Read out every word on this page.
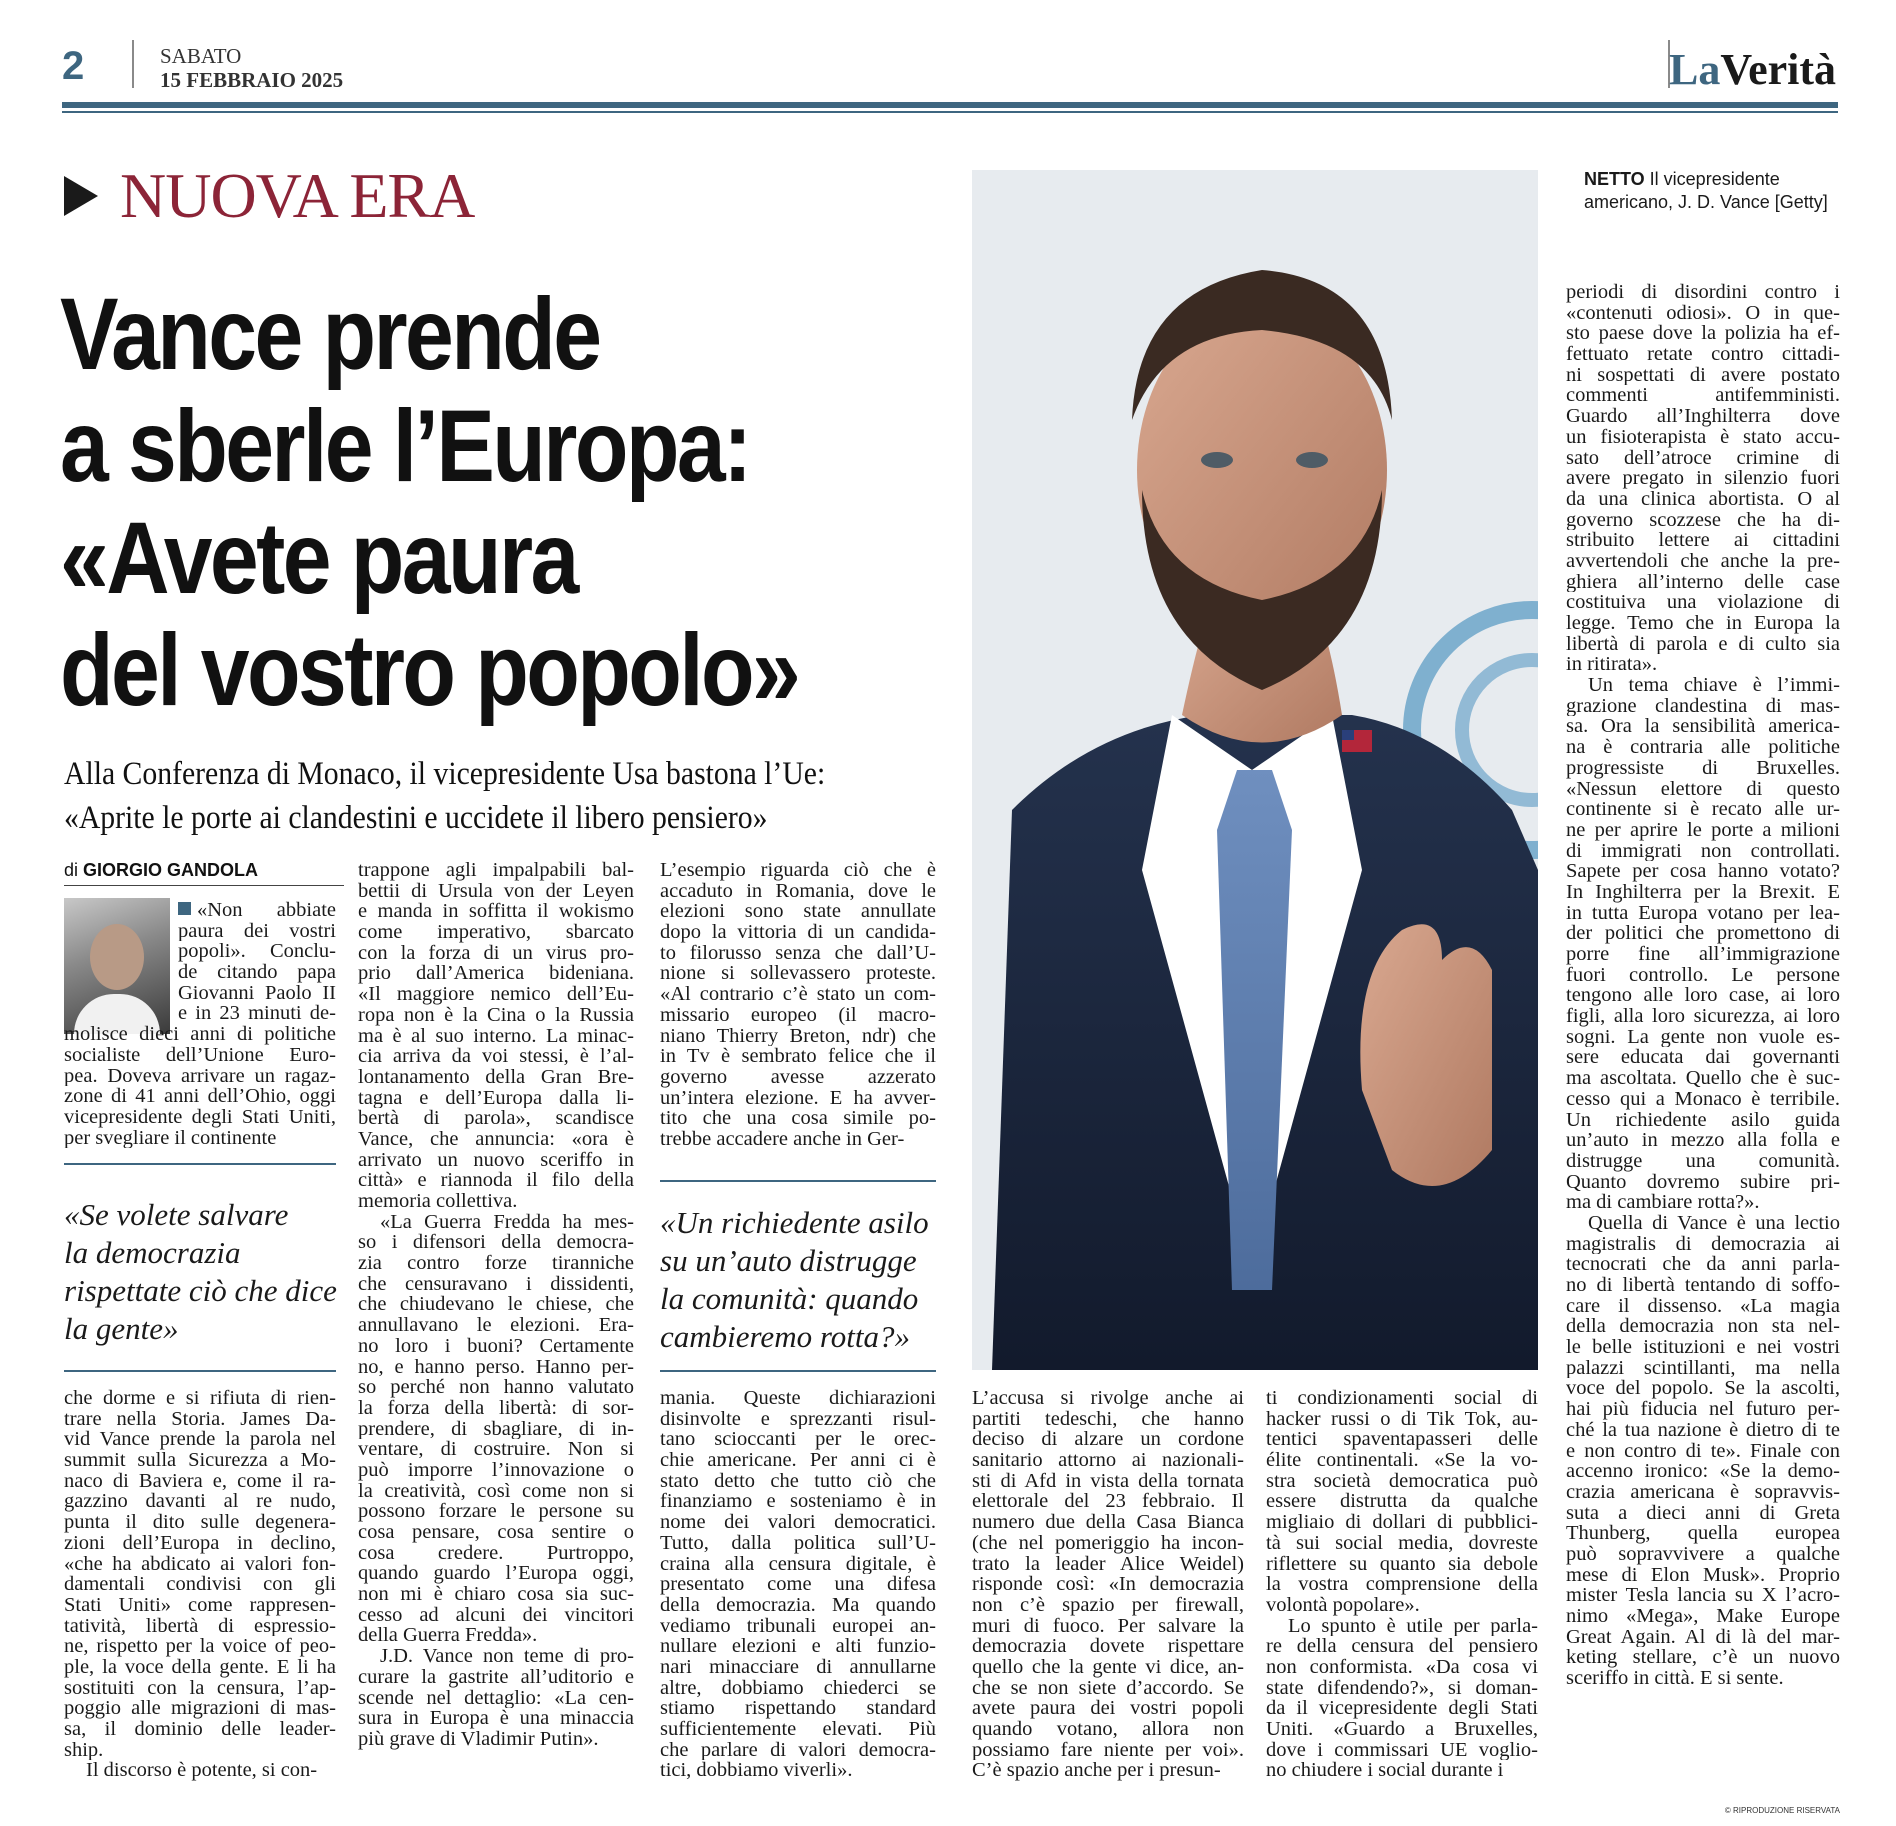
2	SABATO
15 FEBBRAIO 2025	LaVerità
NUOVA ERA
Vance prende
a sberle l’Europa:
«Avete paura
del vostro popolo»
Alla Conferenza di Monaco, il vicepresidente Usa bastona l’Ue:
«Aprite le porte ai clandestini e uccidete il libero pensiero»
di GIORGIO GANDOLA
«Non abbiate
paura dei vostri
popoli». Conclu-
de citando papa
Giovanni Paolo II
e in 23 minuti de-
«Se volete salvare
la democrazia
rispettate ciò che dice
la gente»
che dorme e si rifiuta di rien-
trare nella Storia. James Da-
vid Vance prende la parola nel
summit sulla Sicurezza a Mo-
naco di Baviera e, come il ra-
gazzino davanti al re nudo,
punta il dito sulle degenera-
zioni dell’Europa in declino,
«che ha abdicato ai valori fon-
damentali condivisi con gli
Stati Uniti» come rappresen-
tatività, libertà di espressio-
ne, rispetto per la voice of peo-
ple, la voce della gente. E li ha
sostituiti con la censura, l’ap-
poggio alle migrazioni di mas-
sa, il dominio delle leader-
ship.
Il discorso è potente, si con-
trappone agli impalpabili bal-
bettii di Ursula von der Leyen
e manda in soffitta il wokismo
come imperativo, sbarcato
con la forza di un virus pro-
prio dall’America bideniana.
«Il maggiore nemico dell’Eu-
ropa non è la Cina o la Russia
ma è al suo interno. La minac-
cia arriva da voi stessi, è l’al-
lontanamento della Gran Bre-
tagna e dell’Europa dalla li-
bertà di parola», scandisce
Vance, che annuncia: «ora è
arrivato un nuovo sceriffo in
città» e riannoda il filo della
memoria collettiva.
«La Guerra Fredda ha mes-
so i difensori della democra-
zia contro forze tiranniche
che censuravano i dissidenti,
che chiudevano le chiese, che
annullavano le elezioni. Era-
no loro i buoni? Certamente
no, e hanno perso. Hanno per-
so perché non hanno valutato
la forza della libertà: di sor-
prendere, di sbagliare, di in-
ventare, di costruire. Non si
può imporre l’innovazione o
la creatività, così come non si
possono forzare le persone su
cosa pensare, cosa sentire o
cosa credere. Purtroppo,
quando guardo l’Europa oggi,
non mi è chiaro cosa sia suc-
cesso ad alcuni dei vincitori
della Guerra Fredda».
J.D. Vance non teme di pro-
curare la gastrite all’uditorio e
scende nel dettaglio: «La cen-
sura in Europa è una minaccia
più grave di Vladimir Putin».
L’esempio riguarda ciò che è
accaduto in Romania, dove le
elezioni sono state annullate
dopo la vittoria di un candida-
to filorusso senza che dall’U-
nione si sollevassero proteste.
«Al contrario c’è stato un com-
missario europeo (il macro-
niano Thierry Breton, ndr) che
in Tv è sembrato felice che il
governo avesse azzerato
un’intera elezione. E ha avver-
tito che una cosa simile po-
trebbe accadere anche in Ger-
«Un richiedente asilo
su un’auto distrugge
la comunità: quando
cambieremo rotta?»
mania. Queste dichiarazioni
disinvolte e sprezzanti risul-
tano scioccanti per le orec-
chie americane. Per anni ci è
stato detto che tutto ciò che
finanziamo e sosteniamo è in
nome dei valori democratici.
Tutto, dalla politica sull’U-
craina alla censura digitale, è
presentato come una difesa
della democrazia. Ma quando
vediamo tribunali europei an-
nullare elezioni e alti funzio-
nari minacciare di annullarne
altre, dobbiamo chiederci se
stiamo rispettando standard
sufficientemente elevati. Più
che parlare di valori democra-
tici, dobbiamo viverli».
NETTO Il vicepresidente
americano, J. D. Vance [Getty]
L’accusa si rivolge anche ai
partiti tedeschi, che hanno
deciso di alzare un cordone
sanitario attorno ai nazionali-
sti di Afd in vista della tornata
elettorale del 23 febbraio. Il
numero due della Casa Bianca
(che nel pomeriggio ha incon-
trato la leader Alice Weidel)
risponde così: «In democrazia
non c’è spazio per firewall,
muri di fuoco. Per salvare la
democrazia dovete rispettare
quello che la gente vi dice, an-
che se non siete d’accordo. Se
avete paura dei vostri popoli
quando votano, allora non
possiamo fare niente per voi».
C’è spazio anche per i presun-
ti condizionamenti social di
hacker russi o di Tik Tok, au-
tentici spaventapasseri delle
élite continentali. «Se la vo-
stra società democratica può
essere distrutta da qualche
migliaio di dollari di pubblici-
tà sui social media, dovreste
riflettere su quanto sia debole
la vostra comprensione della
volontà popolare».
Lo spunto è utile per parla-
re della censura del pensiero
non conformista. «Da cosa vi
state difendendo?», si doman-
da il vicepresidente degli Stati
Uniti. «Guardo a Bruxelles,
dove i commissari UE voglio-
no chiudere i social durante i
periodi di disordini contro i
«contenuti odiosi». O in que-
sto paese dove la polizia ha ef-
fettuato retate contro cittadi-
ni sospettati di avere postato
commenti antifemministi.
Guardo all’Inghilterra dove
un fisioterapista è stato accu-
sato dell’atroce crimine di
avere pregato in silenzio fuori
da una clinica abortista. O al
governo scozzese che ha di-
stribuito lettere ai cittadini
avvertendoli che anche la pre-
ghiera all’interno delle case
costituiva una violazione di
legge. Temo che in Europa la
libertà di parola e di culto sia
in ritirata».
Un tema chiave è l’immi-
grazione clandestina di mas-
sa. Ora la sensibilità america-
na è contraria alle politiche
progressiste di Bruxelles.
«Nessun elettore di questo
continente si è recato alle ur-
ne per aprire le porte a milioni
di immigrati non controllati.
Sapete per cosa hanno votato?
In Inghilterra per la Brexit. E
in tutta Europa votano per lea-
der politici che promettono di
porre fine all’immigrazione
fuori controllo. Le persone
tengono alle loro case, ai loro
figli, alla loro sicurezza, ai loro
sogni. La gente non vuole es-
sere educata dai governanti
ma ascoltata. Quello che è suc-
cesso qui a Monaco è terribile.
Un richiedente asilo guida
un’auto in mezzo alla folla e
distrugge una comunità.
Quanto dovremo subire pri-
ma di cambiare rotta?».
Quella di Vance è una lectio
magistralis di democrazia ai
tecnocrati che da anni parla-
no di libertà tentando di soffo-
care il dissenso. «La magia
della democrazia non sta nel-
le belle istituzioni e nei vostri
palazzi scintillanti, ma nella
voce del popolo. Se la ascolti,
hai più fiducia nel futuro per-
ché la tua nazione è dietro di te
e non contro di te». Finale con
accenno ironico: «Se la demo-
crazia americana è sopravvis-
suta a dieci anni di Greta
Thunberg, quella europea
può sopravvivere a qualche
mese di Elon Musk». Proprio
mister Tesla lancia su X l’acro-
nimo «Mega», Make Europe
Great Again. Al di là del mar-
keting stellare, c’è un nuovo
sceriffo in città. E si sente.
© RIPRODUZIONE RISERVATA
molisce dieci anni di politiche
socialiste dell’Unione Euro-
pea. Doveva arrivare un ragaz-
zone di 41 anni dell’Ohio, oggi
vicepresidente degli Stati Uniti,
per svegliare il continente
